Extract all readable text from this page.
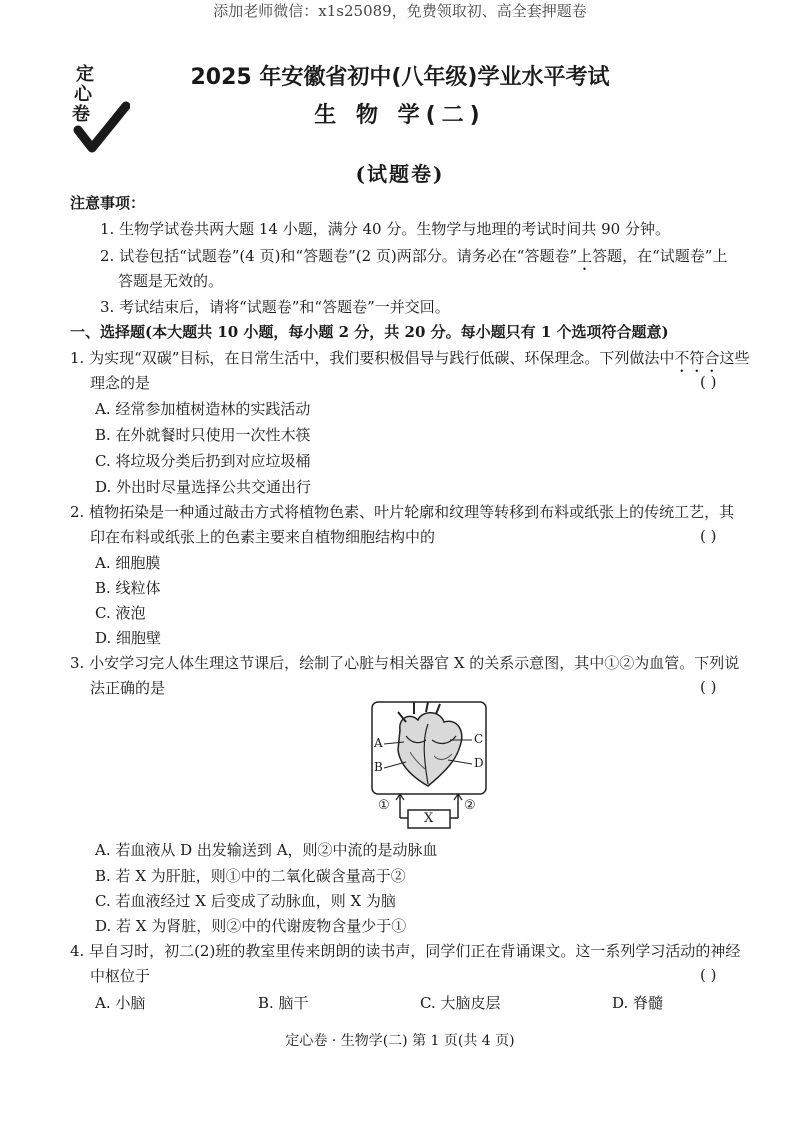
添加老师微信：x1s25089，免费领取初、高全套押题卷
定
心
卷
2025 年安徽省初中(八年级)学业水平考试
生 物 学(二)
(试题卷)
注意事项：
1. 生物学试卷共两大题 14 小题，满分 40 分。生物学与地理的考试时间共 90 分钟。
2. 试卷包括“试题卷”(4 页)和“答题卷”(2 页)两部分。请务必在“答题卷”上答题，在“试题卷”上
答题是无效的。
3. 考试结束后，请将“试题卷”和“答题卷”一并交回。
一、选择题(本大题共 10 小题，每小题 2 分，共 20 分。每小题只有 1 个选项符合题意)
1. 为实现“双碳”目标，在日常生活中，我们要积极倡导与践行低碳、环保理念。下列做法中不符合这些
理念的是	( )
A. 经常参加植树造林的实践活动
B. 在外就餐时只使用一次性木筷
C. 将垃圾分类后扔到对应垃圾桶
D. 外出时尽量选择公共交通出行
2. 植物拓染是一种通过敲击方式将植物色素、叶片轮廓和纹理等转移到布料或纸张上的传统工艺，其
印在布料或纸张上的色素主要来自植物细胞结构中的	( )
A. 细胞膜
B. 线粒体
C. 液泡
D. 细胞壁
3. 小安学习完人体生理这节课后，绘制了心脏与相关器官 X 的关系示意图，其中①②为血管。下列说
法正确的是	( )
A
B
C
D
①	②
X
A. 若血液从 D 出发输送到 A，则②中流的是动脉血
B. 若 X 为肝脏，则①中的二氧化碳含量高于②
C. 若血液经过 X 后变成了动脉血，则 X 为脑
D. 若 X 为肾脏，则②中的代谢废物含量少于①
4. 早自习时，初二(2)班的教室里传来朗朗的读书声，同学们正在背诵课文。这一系列学习活动的神经
中枢位于	( )
A. 小脑	B. 脑干	C. 大脑皮层	D. 脊髓
定心卷 · 生物学(二) 第 1 页(共 4 页)
